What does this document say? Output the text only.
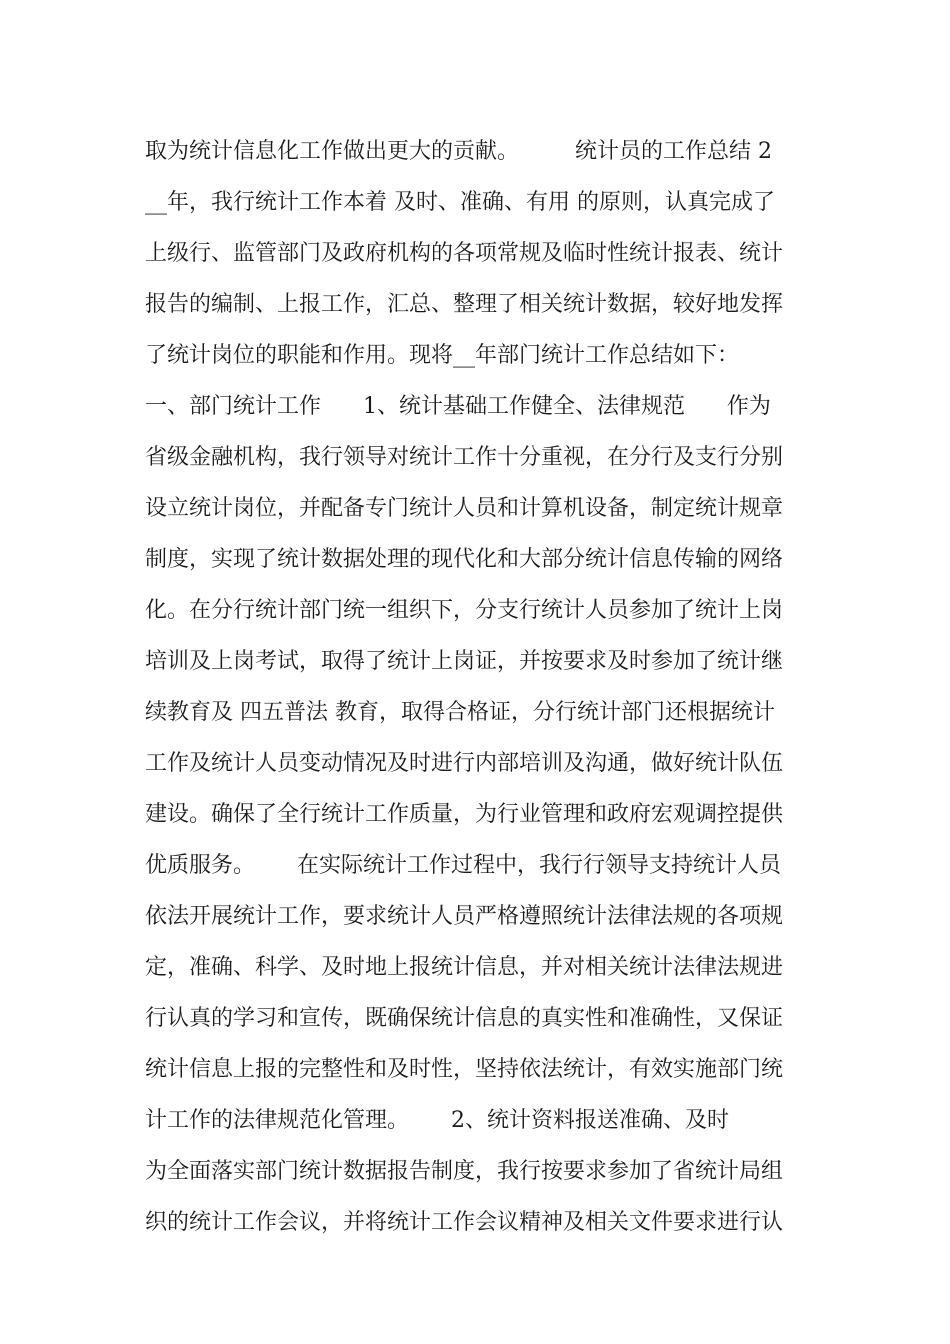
取为统计信息化工作做出更大的贡献。        统计员的工作总结 2
__年，我行统计工作本着 及时、准确、有用 的原则，认真完成了
上级行、监管部门及政府机构的各项常规及临时性统计报表、统计
报告的编制、上报工作，汇总、整理了相关统计数据，较好地发挥
了统计岗位的职能和作用。现将__年部门统计工作总结如下：
一、部门统计工作      1、统计基础工作健全、法律规范      作为
省级金融机构，我行领导对统计工作十分重视，在分行及支行分别
设立统计岗位，并配备专门统计人员和计算机设备，制定统计规章
制度，实现了统计数据处理的现代化和大部分统计信息传输的网络
化。在分行统计部门统一组织下，分支行统计人员参加了统计上岗
培训及上岗考试，取得了统计上岗证，并按要求及时参加了统计继
续教育及 四五普法 教育，取得合格证，分行统计部门还根据统计
工作及统计人员变动情况及时进行内部培训及沟通，做好统计队伍
建设。确保了全行统计工作质量，为行业管理和政府宏观调控提供
优质服务。      在实际统计工作过程中，我行行领导支持统计人员
依法开展统计工作，要求统计人员严格遵照统计法律法规的各项规
定，准确、科学、及时地上报统计信息，并对相关统计法律法规进
行认真的学习和宣传，既确保统计信息的真实性和准确性，又保证
统计信息上报的完整性和及时性，坚持依法统计，有效实施部门统
计工作的法律规范化管理。      2、统计资料报送准确、及时
为全面落实部门统计数据报告制度，我行按要求参加了省统计局组
织的统计工作会议，并将统计工作会议精神及相关文件要求进行认
